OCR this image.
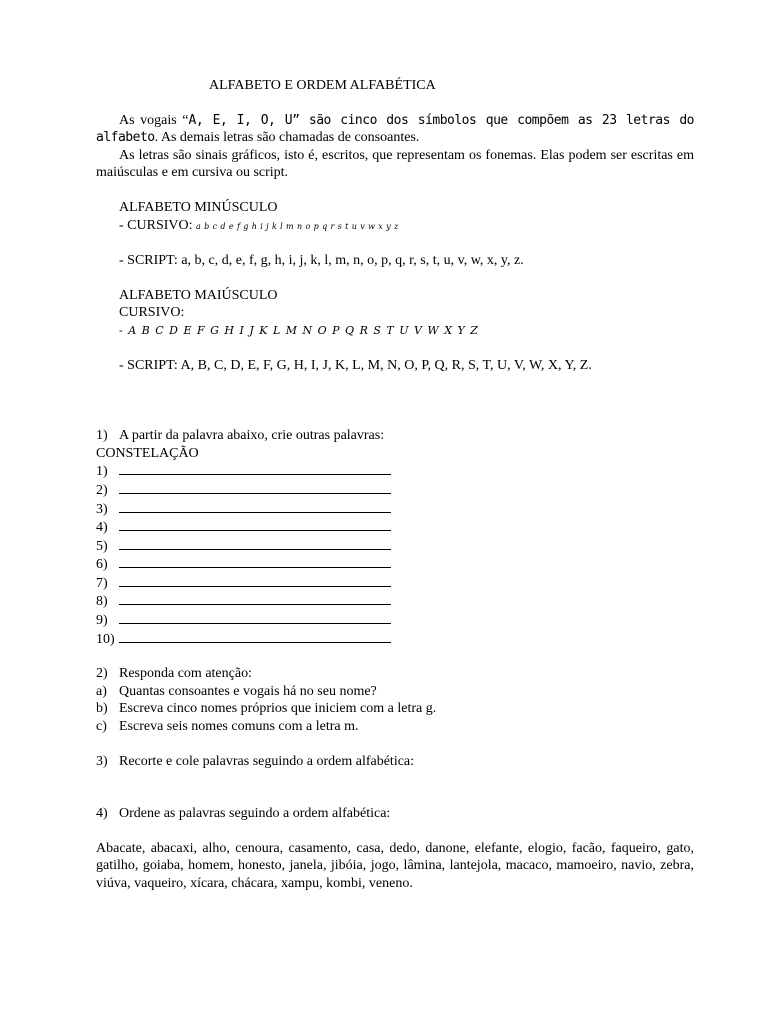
ALFABETO E ORDEM ALFABÉTICA

As vogais “A, E, I, O, U” são cinco dos símbolos que compõem as 23 letras do alfabeto. As demais letras são chamadas de consoantes.

As letras são sinais gráficos, isto é, escritos, que representam os fonemas. Elas podem ser escritas em maiúsculas e em cursiva ou script.

ALFABETO MINÚSCULO

- CURSIVO: a b c d e f g h i j k l m n o p q r s t u v w x y z

- SCRIPT: a, b, c, d, e, f, g, h, i, j, k, l, m, n, o, p, q, r, s, t, u, v, w, x, y, z.

ALFABETO MAIÚSCULO

CURSIVO:

- A B C D E F G H I J K L M N O P Q R S T U V W X Y Z

- SCRIPT: A, B, C, D, E, F, G, H, I, J, K, L, M, N, O, P, Q, R, S, T, U, V, W, X, Y, Z.

1) A partir da palavra abaixo, crie outras palavras:

CONSTELAÇÃO

1)

2)

3)

4)

5)

6)

7)

8)

9)

10)

2) Responda com atenção:

a) Quantas consoantes e vogais há no seu nome?

b) Escreva cinco nomes próprios que iniciem com a letra g.

c) Escreva seis nomes comuns com a letra m.

3) Recorte e cole palavras seguindo a ordem alfabética:

4) Ordene as palavras seguindo a ordem alfabética:

Abacate, abacaxi, alho, cenoura, casamento, casa, dedo, danone, elefante, elogio, facão, faqueiro, gato, gatilho, goiaba, homem, honesto, janela, jibóia, jogo, lâmina, lantejola, macaco, mamoeiro, navio, zebra, viúva, vaqueiro, xícara, chácara, xampu, kombi, veneno.
